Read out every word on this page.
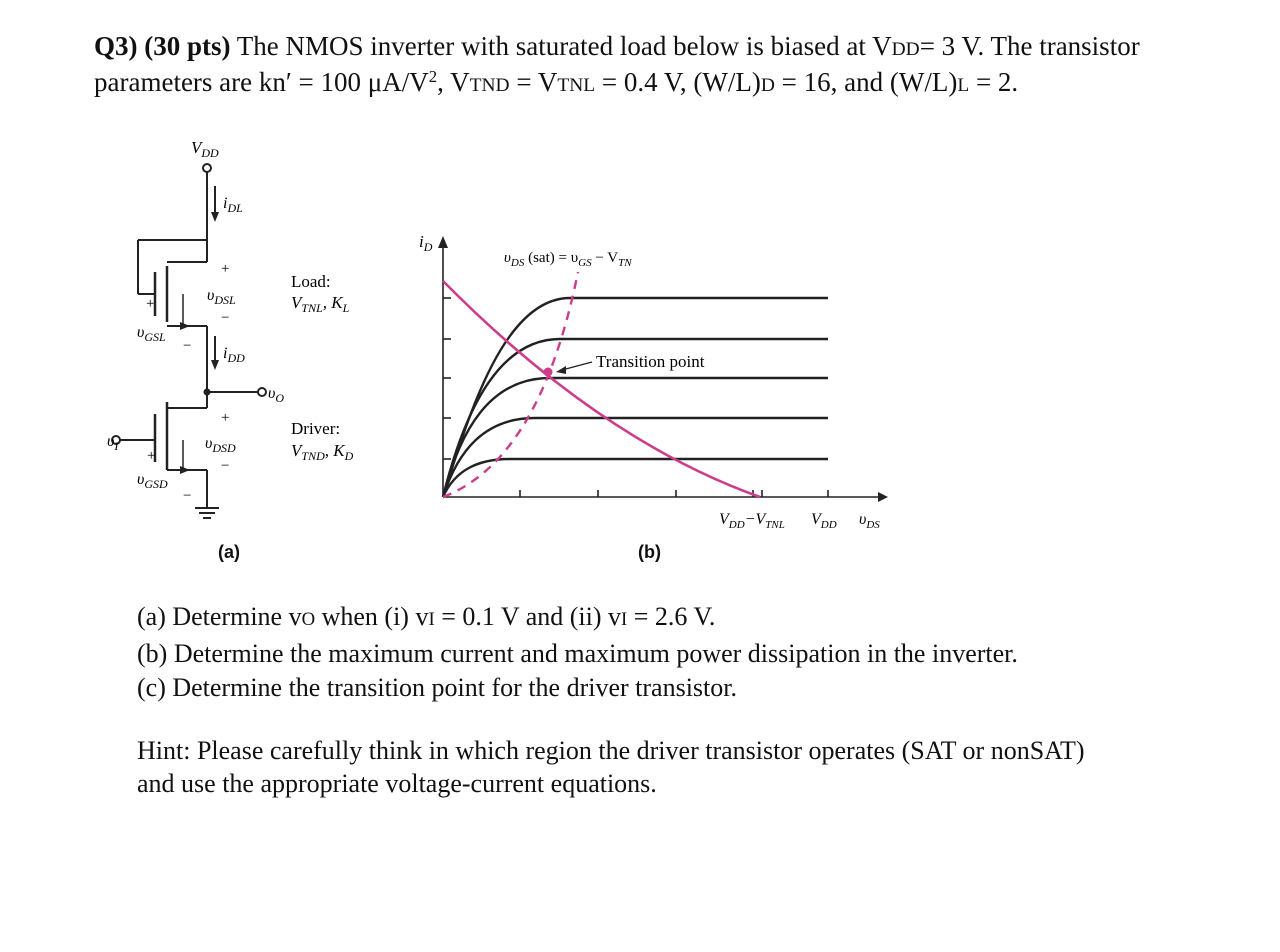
Q3) (30 pts) The NMOS inverter with saturated load below is biased at VDD= 3 V. The transistor
parameters are kn′ = 100 $\mu A/V^2$, VTND = VTNL = 0.4 V, (W/L)D = 16, and (W/L)L = 2.
$V_{DD}$
$i_{DL}$
+
$\upsilon_{DSL}$
−
+
$\upsilon_{GSL}$
− $i_{DD}$
$\upsilon_O$
+
$\upsilon_{DSD}$
−
$\upsilon_I$
+
$\upsilon_{GSD}$
−
Load:
$V_{TNL}$, $K_L$
Driver:
$V_{TND}$, $K_D$
(a)
$i_D$
$\upsilon_{DS}$ $(sat) = \upsilon_{GS} - V_{TN}$
Transition point
$V_{DD}-V_{TNL}$ $V_{DD}$ $\upsilon_{DS}$
(b)

(a) Determine vO when (i) vI = 0.1 V and (ii) vI = 2.6 V.

(b) Determine the maximum current and maximum power dissipation in the inverter.

(c) Determine the transition point for the driver transistor.

Hint: Please carefully think in which region the driver transistor operates (SAT or nonSAT)
and use the appropriate voltage-current equations.
